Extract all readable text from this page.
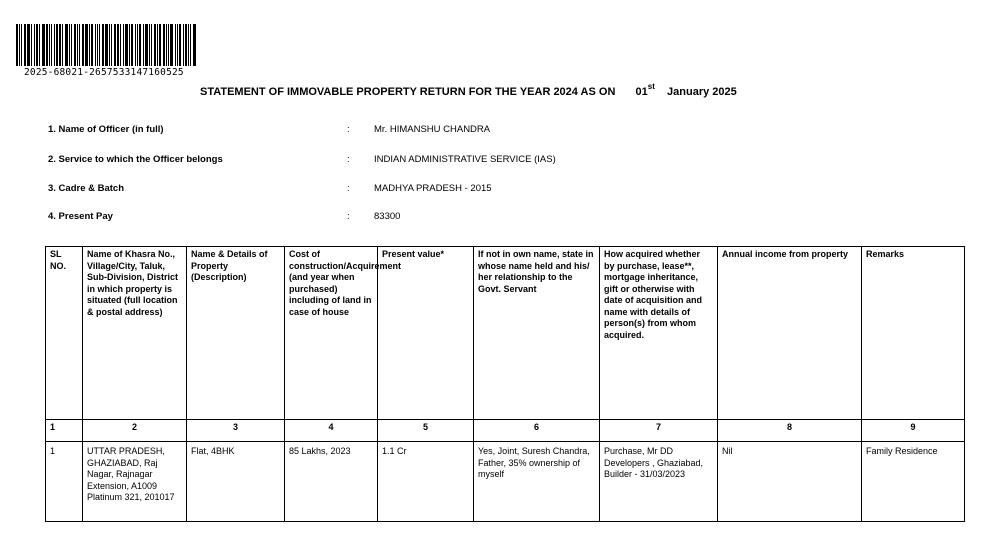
2025-68021-2657533147160525
STATEMENT OF IMMOVABLE PROPERTY RETURN FOR THE YEAR 2024 AS ON 01st January 2025
1. Name of Officer (in full)	:	Mr. HIMANSHU CHANDRA
2. Service to which the Officer belongs	:	INDIAN ADMINISTRATIVE SERVICE (IAS)
3. Cadre & Batch	:	MADHYA PRADESH - 2015
4. Present Pay	:	83300
SL NO.	Name of Khasra No., Village/City, Taluk, Sub-Division, District in which property is situated (full location & postal address)	Name & Details of Property (Description)	Cost of construction/Acquirement (and year when purchased) including of land in case of house	Present value*	If not in own name, state in whose name held and his/ her relationship to the Govt. Servant	How acquired whether by purchase, lease**, mortgage inheritance, gift or otherwise with date of acquisition and name with details of person(s) from whom acquired.	Annual income from property	Remarks
1	2	3	4	5	6	7	8	9
1	UTTAR PRADESH, GHAZIABAD, Raj Nagar, Rajnagar Extension, A1009 Platinum 321, 201017	Flat, 4BHK	85 Lakhs, 2023	1.1 Cr	Yes, Joint, Suresh Chandra, Father, 35% ownership of myself	Purchase, Mr DD Developers , Ghaziabad, Builder - 31/03/2023	Nil	Family Residence
